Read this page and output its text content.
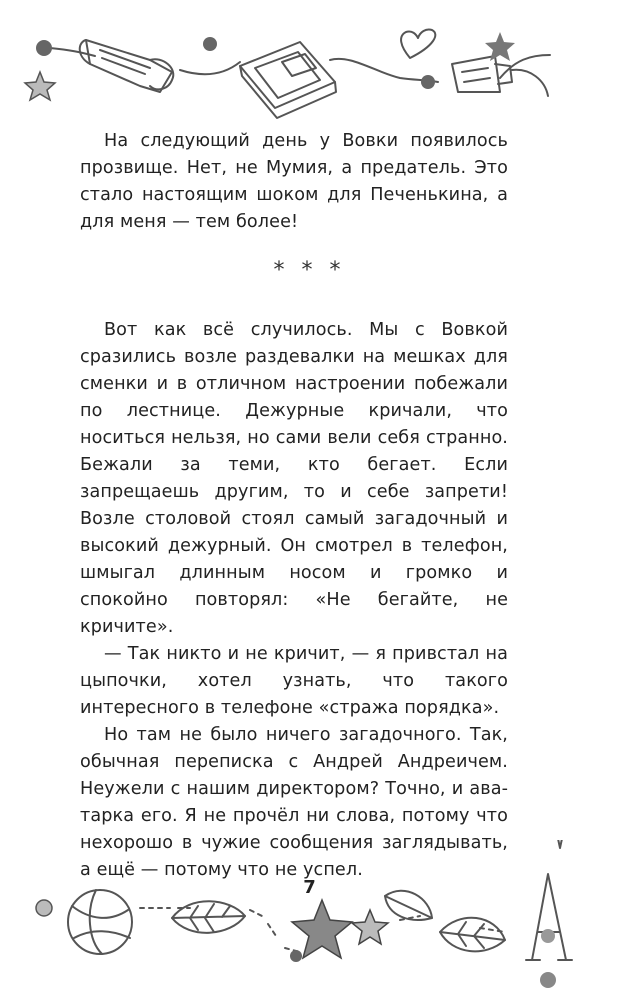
На следующий день у Вовки появилось прозвище. Нет, не Мумия, а предатель. Это стало настоящим шоком для Печенькина, а для меня — тем более!

* * *

Вот как всё случилось. Мы с Вовкой сразились возле раздевалки на мешках для сменки и в отличном настроении побежали по лестнице. Дежурные кричали, что носиться нельзя, но сами вели себя странно. Бежали за теми, кто бегает. Если запрещаешь другим, то и себе запрети! Возле столовой стоял самый загадочный и высокий дежурный. Он смотрел в телефон, шмыгал длинным носом и громко и спокойно повторял: «Не бегайте, не кричите».

— Так никто и не кричит, — я привстал на цыпочки, хотел узнать, что такого интересного в телефоне «стража порядка».

Но там не было ничего загадочного. Так, обычная переписка с Андрей Андреичем. Неужели с нашим директором? Точно, и аватарка его. Я не прочёл ни слова, потому что нехорошо в чужие сообщения заглядывать, а ещё — потому что не успел.

7
